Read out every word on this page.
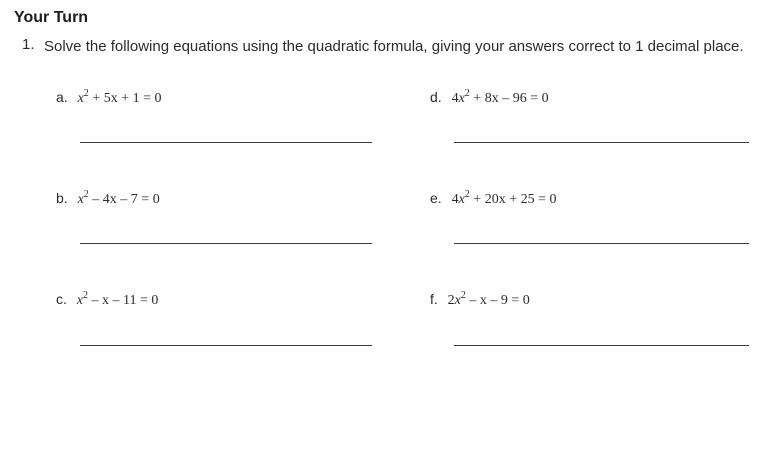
Your Turn
1. Solve the following equations using the quadratic formula, giving your answers correct to 1 decimal place.
a. $x^2 + 5x + 1 = 0$
b. $x^2 - 4x - 7 = 0$
c. $x^2 - x - 11 = 0$
d. $4x^2 + 8x - 96 = 0$
e. $4x^2 + 20x + 25 = 0$
f. $2x^2 - x - 9 = 0$
